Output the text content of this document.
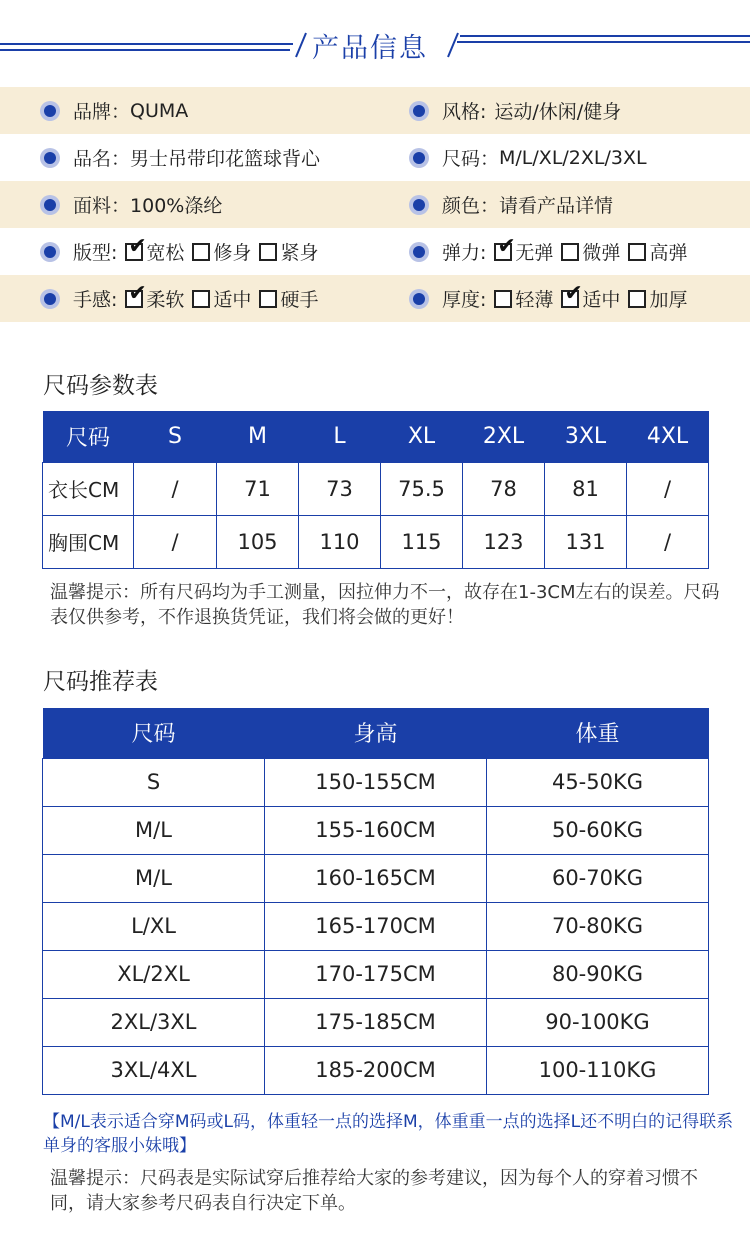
产品信息
品牌： QUMA	风格: 运动/休闲/健身
品名： 男士吊带印花篮球背心	尺码： M/L/XL/2XL/3XL
面料： 100%涤纶	颜色： 请看产品详情
版型: ✔ 宽松 修身 紧身	弹力: ✔ 无弹 微弹 高弹
手感: ✔ 柔软 适中 硬手	厚度: 轻薄 ✔ 适中 加厚
尺码参数表
尺码	S	M	L	XL	2XL	3XL	4XL
衣长CM	/	71	73	75.5	78	81	/
胸围CM	/	105	110	115	123	131	/
温馨提示：所有尺码均为手工测量，因拉伸力不一，故存在1-3CM左右的误差。尺码表仅供参考，不作退换货凭证，我们将会做的更好！
尺码推荐表
尺码	身高	体重
S	150-155CM	45-50KG
M/L	155-160CM	50-60KG
M/L	160-165CM	60-70KG
L/XL	165-170CM	70-80KG
XL/2XL	170-175CM	80-90KG
2XL/3XL	175-185CM	90-100KG
3XL/4XL	185-200CM	100-110KG
【M/L表示适合穿M码或L码，体重轻一点的选择M，体重重一点的选择L还不明白的记得联系单身的客服小妹哦】
温馨提示：尺码表是实际试穿后推荐给大家的参考建议，因为每个人的穿着习惯不同，请大家参考尺码表自行决定下单。
